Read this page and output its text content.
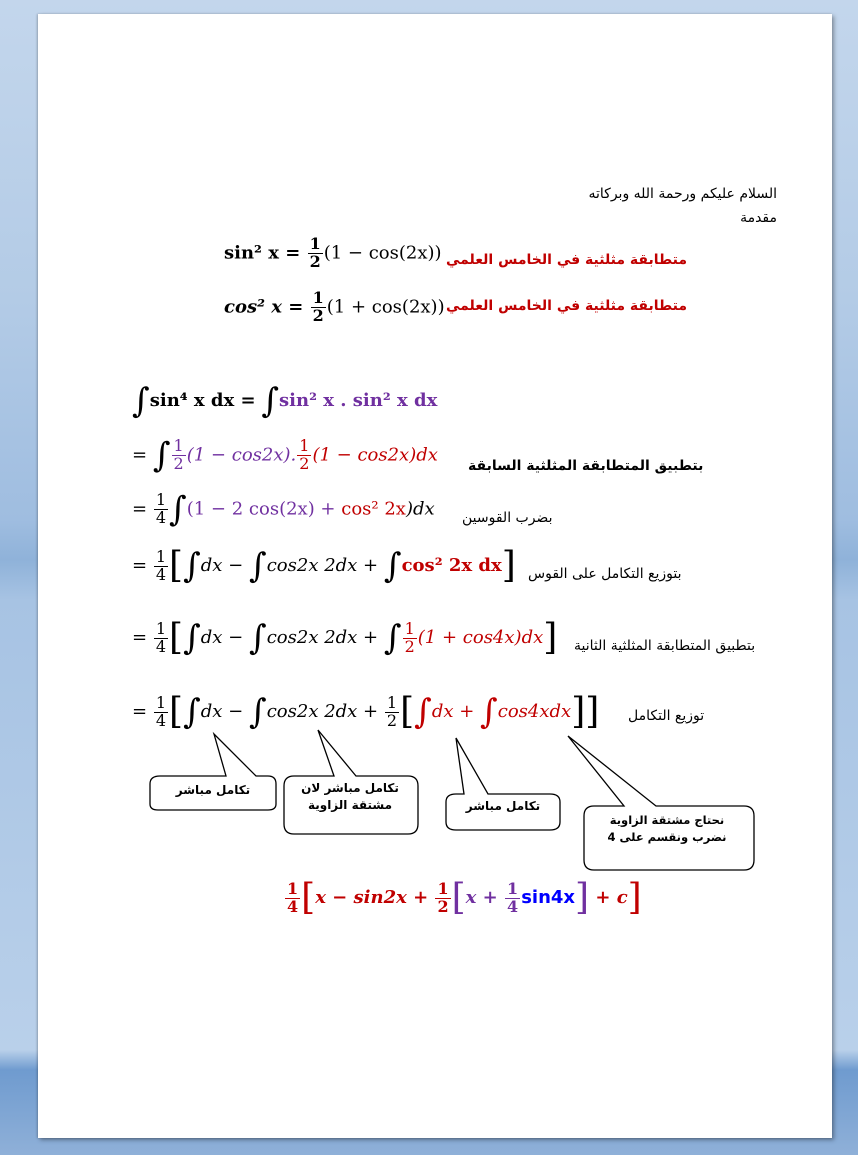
السلام عليكم ورحمة الله وبركاته
مقدمة
sin² $x = \frac{1}{2} (1 - \cos(2x))$ متطابقة مثلثية في الخامس العلمي
cos² $x = \frac{1}{2} (1 + \cos(2x))$ متطابقة مثلثية في الخامس العلمي
∫sin⁴ x dx = ∫sin² x . sin² x dx
= ∫ $\frac{1}{2} (1 - \cos 2x)$. $\frac{1}{2} (1 - \cos 2x)dx$
بتطبيق المتطابقة المثلثية السابقة
= $\frac{1}{4} \int(1 - 2$ cos(2x) + cos² 2x)dx بضرب القوسين
= $\frac{1}{4} [\int dx - \int\cos 2x$ 2dx + ∫cos² 2x dx] بتوزيع التكامل على القوس
= $\frac{1}{4} [\int dx - \int\cos 2x$ 2dx + ∫ $\frac{1}{2} (1 + \cos 4x)dx$] بتطبيق المتطابقة المثلثية الثانية
= $\frac{1}{4} [\int dx - \int\cos 2x$ $2dx + \frac{1}{2} [\int dx + \int\cos 4xdx]$] توزيع التكامل
تكامل مباشر	تكامل مباشر لان
مشتقة الزاوية	تكامل مباشر
نحتاج مشتقة الزاوية
نضرب ونقسم على 4
$\frac{1}{4} [x - \sin 2x + \frac{1}{2} [x + \frac{1}{4} \sin 4x] + c]$
